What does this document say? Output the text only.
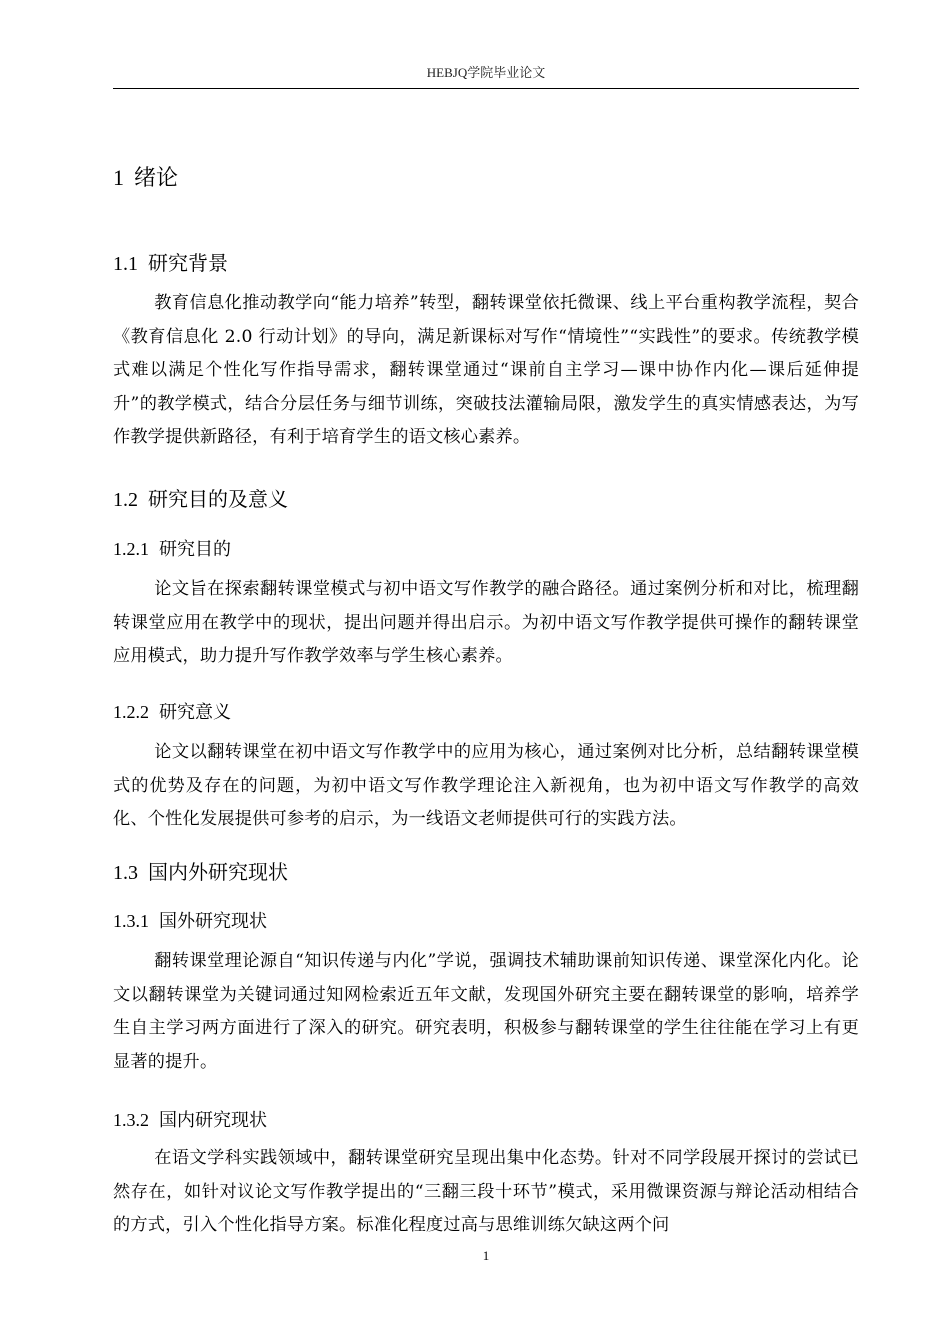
HEBJQ学院毕业论文
1 绪论
1.1 研究背景

教育信息化推动教学向“能力培养”转型，翻转课堂依托微课、线上平台重构教学流程，契合《教育信息化 2.0 行动计划》的导向，满足新课标对写作“情境性”“实践性”的要求。传统教学模式难以满足个性化写作指导需求，翻转课堂通过“课前自主学习—课中协作内化—课后延伸提升”的教学模式，结合分层任务与细节训练，突破技法灌输局限，激发学生的真实情感表达，为写作教学提供新路径，有利于培育学生的语文核心素养。

1.2 研究目的及意义
1.2.1 研究目的

论文旨在探索翻转课堂模式与初中语文写作教学的融合路径。通过案例分析和对比，梳理翻转课堂应用在教学中的现状，提出问题并得出启示。为初中语文写作教学提供可操作的翻转课堂应用模式，助力提升写作教学效率与学生核心素养。

1.2.2 研究意义

论文以翻转课堂在初中语文写作教学中的应用为核心，通过案例对比分析，总结翻转课堂模式的优势及存在的问题，为初中语文写作教学理论注入新视角，也为初中语文写作教学的高效化、个性化发展提供可参考的启示，为一线语文老师提供可行的实践方法。

1.3 国内外研究现状
1.3.1 国外研究现状

翻转课堂理论源自“知识传递与内化”学说，强调技术辅助课前知识传递、课堂深化内化。论文以翻转课堂为关键词通过知网检索近五年文献，发现国外研究主要在翻转课堂的影响，培养学生自主学习两方面进行了深入的研究。研究表明，积极参与翻转课堂的学生往往能在学习上有更显著的提升。

1.3.2 国内研究现状

在语文学科实践领域中，翻转课堂研究呈现出集中化态势。针对不同学段展开探讨的尝试已然存在，如针对议论文写作教学提出的“三翻三段十环节”模式，采用微课资源与辩论活动相结合的方式，引入个性化指导方案。标准化程度过高与思维训练欠缺这两个问

1
